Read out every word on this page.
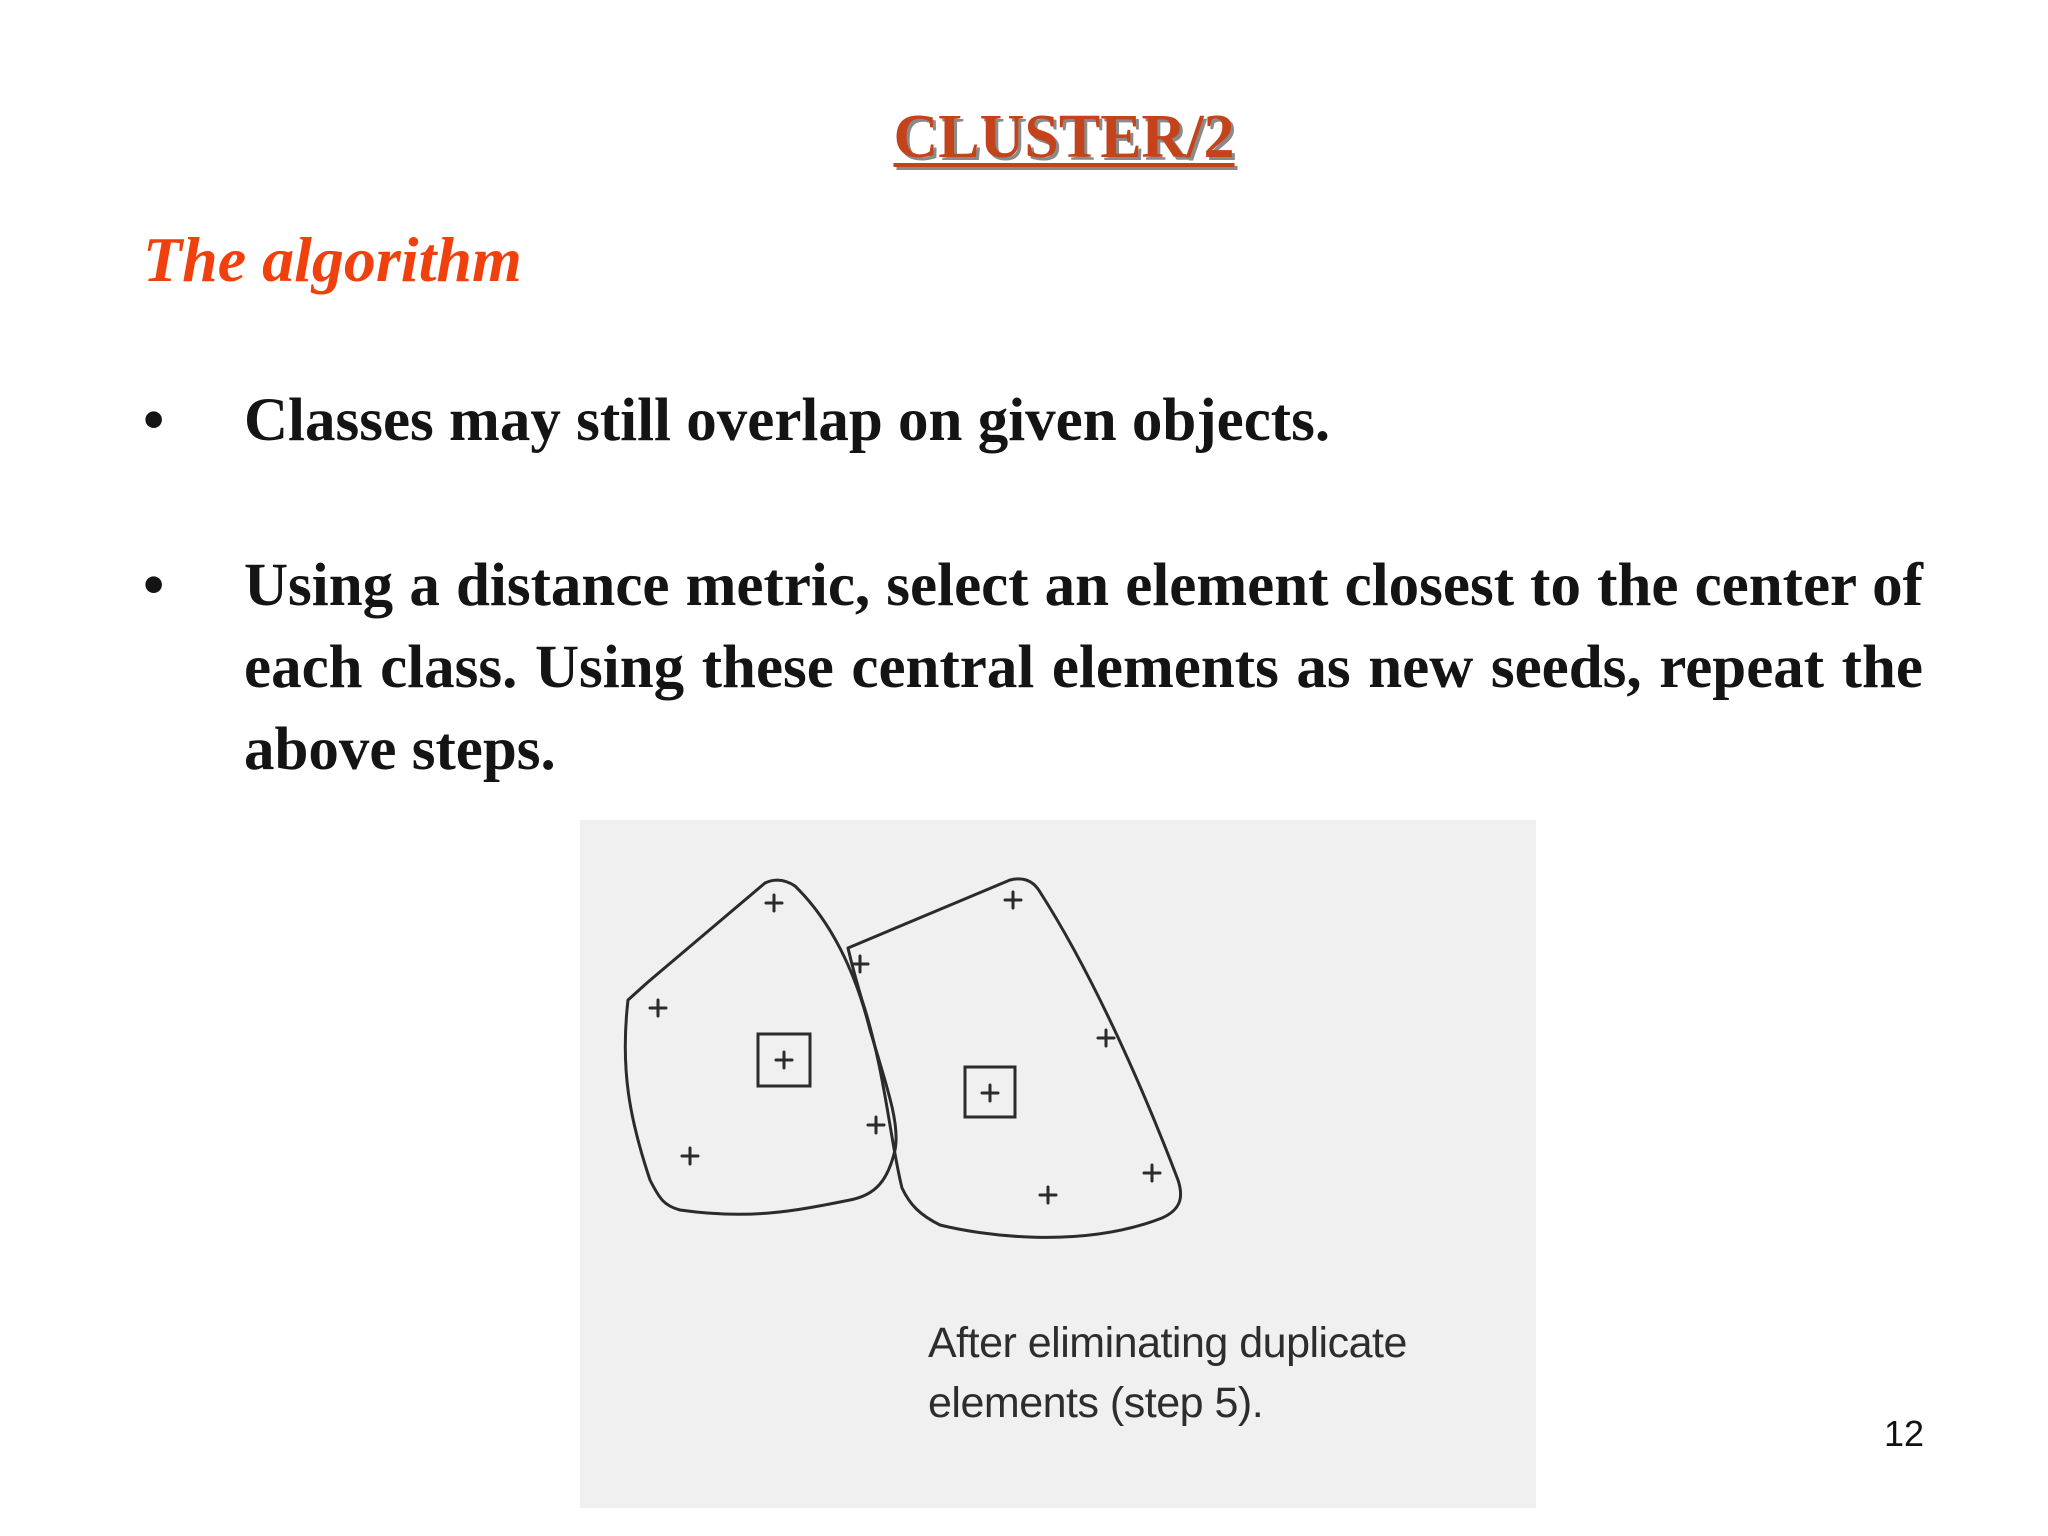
CLUSTER/2
The algorithm
• Classes may still overlap on given objects.
• Using a distance metric, select an element closest to the center of each class. Using these central elements as new seeds, repeat the above steps.

After eliminating duplicate
elements (step 5).

12
